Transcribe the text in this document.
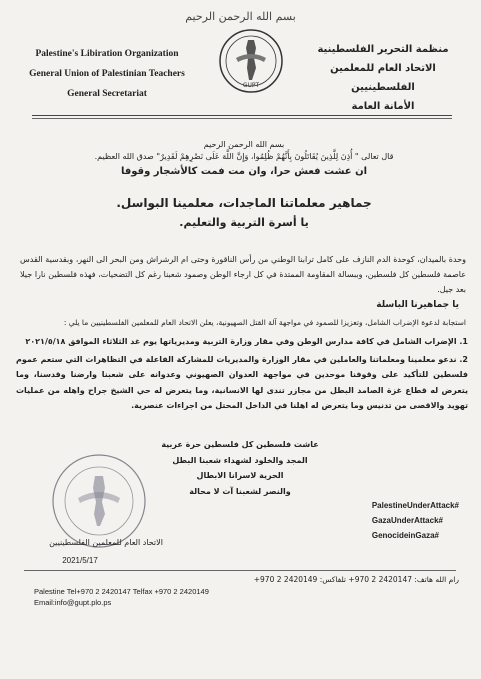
بسم الله الرحمن الرحيم
Palestine's Libiration Organization
General Union of Palestinian Teachers
General Secretariat
GUPT
منظمة التحرير الفلسطينية
الاتحاد العام للمعلمين الفلسطينيين
الأمانة العامة
بسم الله الرحمن الرحيم
قال تعالى " أُذِنَ لِلَّذِينَ يُقَاتَلُونَ بِأَنَّهُمْ ظُلِمُوا، وَإِنَّ اللَّهَ عَلَى نَصْرِهِمْ لَقَدِيرٌ" صدق الله العظيم.
ان عشت فعش حرا، وان مت فمت كالأشجار وقوفا
جماهير معلماتنا الماجدات، معلمينا البواسل.
يا أسرة التربية والتعليم.
وحدة بالميدان، كوحدة الدم النازف على كامل ترابنا الوطني من رأس الناقورة وحتى ام الرشراش ومن البحر الى النهر، وبقدسية القدس عاصمة فلسطين كل فلسطين، وببسالة المقاومة الممتدة في كل ارجاء الوطن وصمود شعبنا رغم كل التضحيات، فهذه فلسطين نارا جيلا بعد جيل.
يا جماهيرنا الباسلة
استجابة لدعوة الإضراب الشامل، وتعزيزا للصمود في مواجهة آلة القتل الصهيونية، يعلن الاتحاد العام للمعلمين الفلسطينيين ما يلي :

1. الإضراب الشامل في كافة مدارس الوطن وفي مقار وزارة التربية ومديرياتها يوم غد الثلاثاء الموافق ٢٠٢١/٥/١٨

2. ندعو معلمينا ومعلماتنا والعاملين في مقار الوزارة والمديريات للمشاركة الفاعلة في التظاهرات التي ستعم عموم فلسطين للتأكيد على وقوفنا موحدين في مواجهة العدوان الصهيوني وعدوانه على شعبنا وارضنا وقدسنا، وما يتعرض له قطاع غزة الصامد البطل من مجازر تندى لها الانسانية، وما يتعرض له حي الشيخ جراح واهله من عمليات تهويد والاقصى من تدنيس وما يتعرض له اهلنا في الداخل المحتل من اجراءات عنصرية.

عاشت فلسطين كل فلسطين حرة عربية
المجد والخلود لشهداء شعبنا البطل
الحرية لاسرانا الابطال
والنصر لشعبنا آت لا محالة
PalestineUnderAttack#
GazaUnderAttack#
GenocideinGaza#
الاتحاد العام للمعلمين الفلسطينيين
2021/5/17
رام الله هاتف: 2420147 2 970+ تلفاكس: 2420149 2 970+
Palestine Tel+970 2 2420147 Telfax +970 2 2420149
Email:info@gupt.plo.ps
